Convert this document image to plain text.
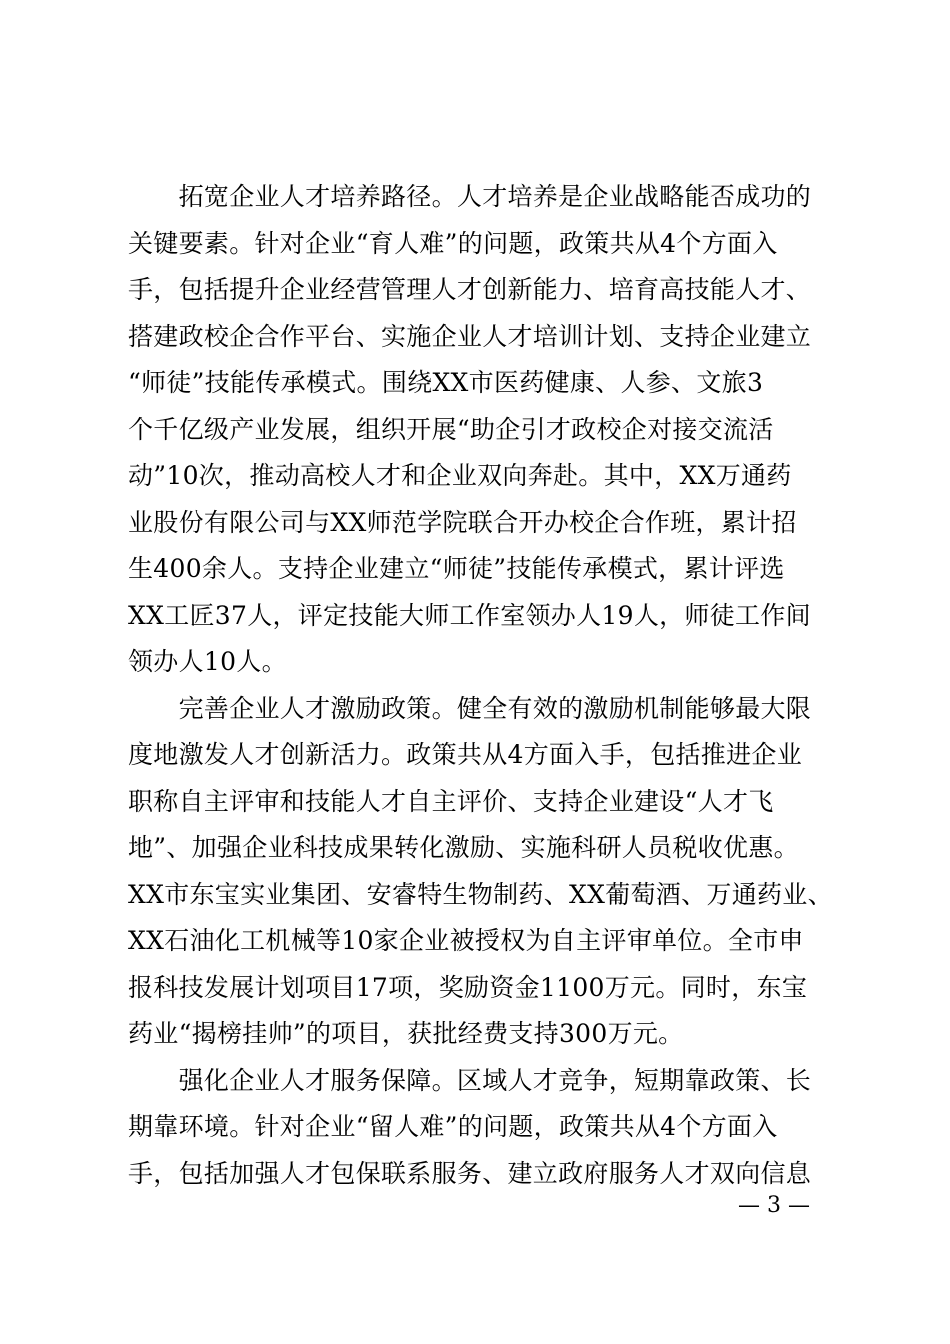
　　拓宽企业人才培养路径。人才培养是企业战略能否成功的
关键要素。针对企业“育人难”的问题，政策共从4个方面入
手，包括提升企业经营管理人才创新能力、培育高技能人才、
搭建政校企合作平台、实施企业人才培训计划、支持企业建立
“师徒”技能传承模式。围绕XX市医药健康、人参、文旅3
个千亿级产业发展，组织开展“助企引才政校企对接交流活
动”10次，推动高校人才和企业双向奔赴。其中，XX万通药
业股份有限公司与XX师范学院联合开办校企合作班，累计招
生400余人。支持企业建立“师徒”技能传承模式，累计评选
XX工匠37人，评定技能大师工作室领办人19人，师徒工作间
领办人10人。
　　完善企业人才激励政策。健全有效的激励机制能够最大限
度地激发人才创新活力。政策共从4方面入手，包括推进企业
职称自主评审和技能人才自主评价、支持企业建设“人才飞
地”、加强企业科技成果转化激励、实施科研人员税收优惠。
XX市东宝实业集团、安睿特生物制药、XX葡萄酒、万通药业、
XX石油化工机械等10家企业被授权为自主评审单位。全市申
报科技发展计划项目17项，奖励资金1100万元。同时，东宝
药业“揭榜挂帅”的项目，获批经费支持300万元。
　　强化企业人才服务保障。区域人才竞争，短期靠政策、长
期靠环境。针对企业“留人难”的问题，政策共从4个方面入
手，包括加强人才包保联系服务、建立政府服务人才双向信息
— 3 —
